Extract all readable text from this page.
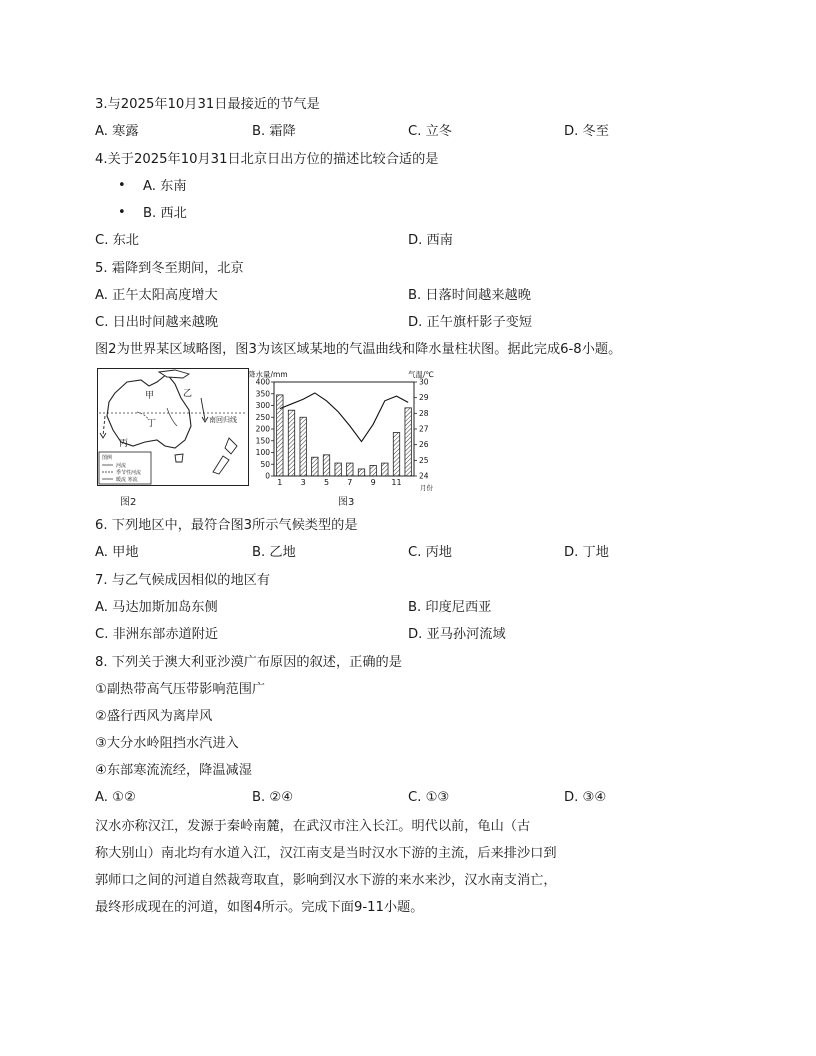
3.与2025年10月31日最接近的节气是
A. 寒露	B. 霜降	C. 立冬	D. 冬至
4.关于2025年10月31日北京日出方位的描述比较合适的是
• A. 东南
• B. 西北
C. 东北	D. 西南
5. 霜降到冬至期间，北京
A. 正午太阳高度增大	B. 日落时间越来越晚
C. 日出时间越来越晚	D. 正午旗杆影子变短
图2为世界某区域略图，图3为该区域某地的气温曲线和降水量柱状图。据此完成6-8小题。
南回归线
甲	乙
丙
丁
图例
河流
季节性河流
暖流 寒流
图2
降水量/mm	气温/℃
月份
0
50
100
150
200
250
300
350
400
24
25
26
27
28
29
30
1 3 5 7 9 11
图3
6. 下列地区中，最符合图3所示气候类型的是
A. 甲地	B. 乙地	C. 丙地	D. 丁地
7. 与乙气候成因相似的地区有
A. 马达加斯加岛东侧	B. 印度尼西亚
C. 非洲东部赤道附近	D. 亚马孙河流域
8. 下列关于澳大利亚沙漠广布原因的叙述，正确的是
①副热带高气压带影响范围广
②盛行西风为离岸风
③大分水岭阻挡水汽进入
④东部寒流流经，降温减湿
A. ①②	B. ②④	C. ①③	D. ③④
汉水亦称汉江，发源于秦岭南麓，在武汉市注入长江。明代以前，龟山（古
称大别山）南北均有水道入江，汉江南支是当时汉水下游的主流，后来排沙口到
郭师口之间的河道自然裁弯取直，影响到汉水下游的来水来沙，汉水南支消亡，
最终形成现在的河道，如图4所示。完成下面9-11小题。
